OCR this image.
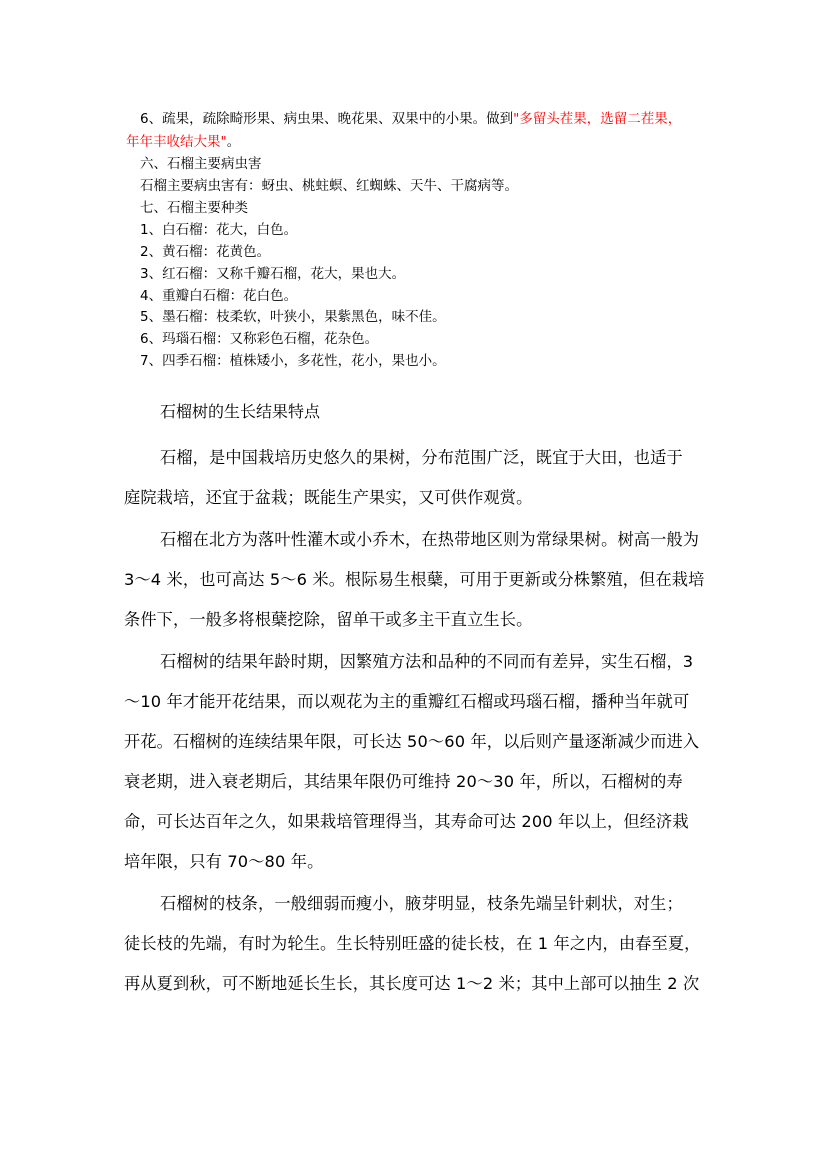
6、疏果，疏除畸形果、病虫果、晚花果、双果中的小果。做到"多留头茬果，选留二茬果，
年年丰收结大果"。
六、石榴主要病虫害
石榴主要病虫害有：蚜虫、桃蛀螟、红蜘蛛、天牛、干腐病等。
七、石榴主要种类
1、白石榴：花大，白色。
2、黄石榴：花黄色。
3、红石榴：又称千瓣石榴，花大，果也大。
4、重瓣白石榴：花白色。
5、墨石榴：枝柔软，叶狭小，果紫黑色，味不佳。
6、玛瑙石榴：又称彩色石榴，花杂色。
7、四季石榴：植株矮小，多花性，花小，果也小。
石榴树的生长结果特点
石榴，是中国栽培历史悠久的果树，分布范围广泛，既宜于大田，也适于
庭院栽培，还宜于盆栽；既能生产果实，又可供作观赏。
石榴在北方为落叶性灌木或小乔木，在热带地区则为常绿果树。树高一般为
3～4 米，也可高达 5～6 米。根际易生根蘖，可用于更新或分株繁殖，但在栽培
条件下，一般多将根蘖挖除，留单干或多主干直立生长。
石榴树的结果年龄时期，因繁殖方法和品种的不同而有差异，实生石榴，3
～10 年才能开花结果，而以观花为主的重瓣红石榴或玛瑙石榴，播种当年就可
开花。石榴树的连续结果年限，可长达 50～60 年，以后则产量逐渐减少而进入
衰老期，进入衰老期后，其结果年限仍可维持 20～30 年，所以，石榴树的寿
命，可长达百年之久，如果栽培管理得当，其寿命可达 200 年以上，但经济栽
培年限，只有 70～80 年。
石榴树的枝条，一般细弱而瘦小，腋芽明显，枝条先端呈针刺状，对生；
徒长枝的先端，有时为轮生。生长特别旺盛的徒长枝，在 1 年之内，由春至夏，
再从夏到秋，可不断地延长生长，其长度可达 1～2 米；其中上部可以抽生 2 次
